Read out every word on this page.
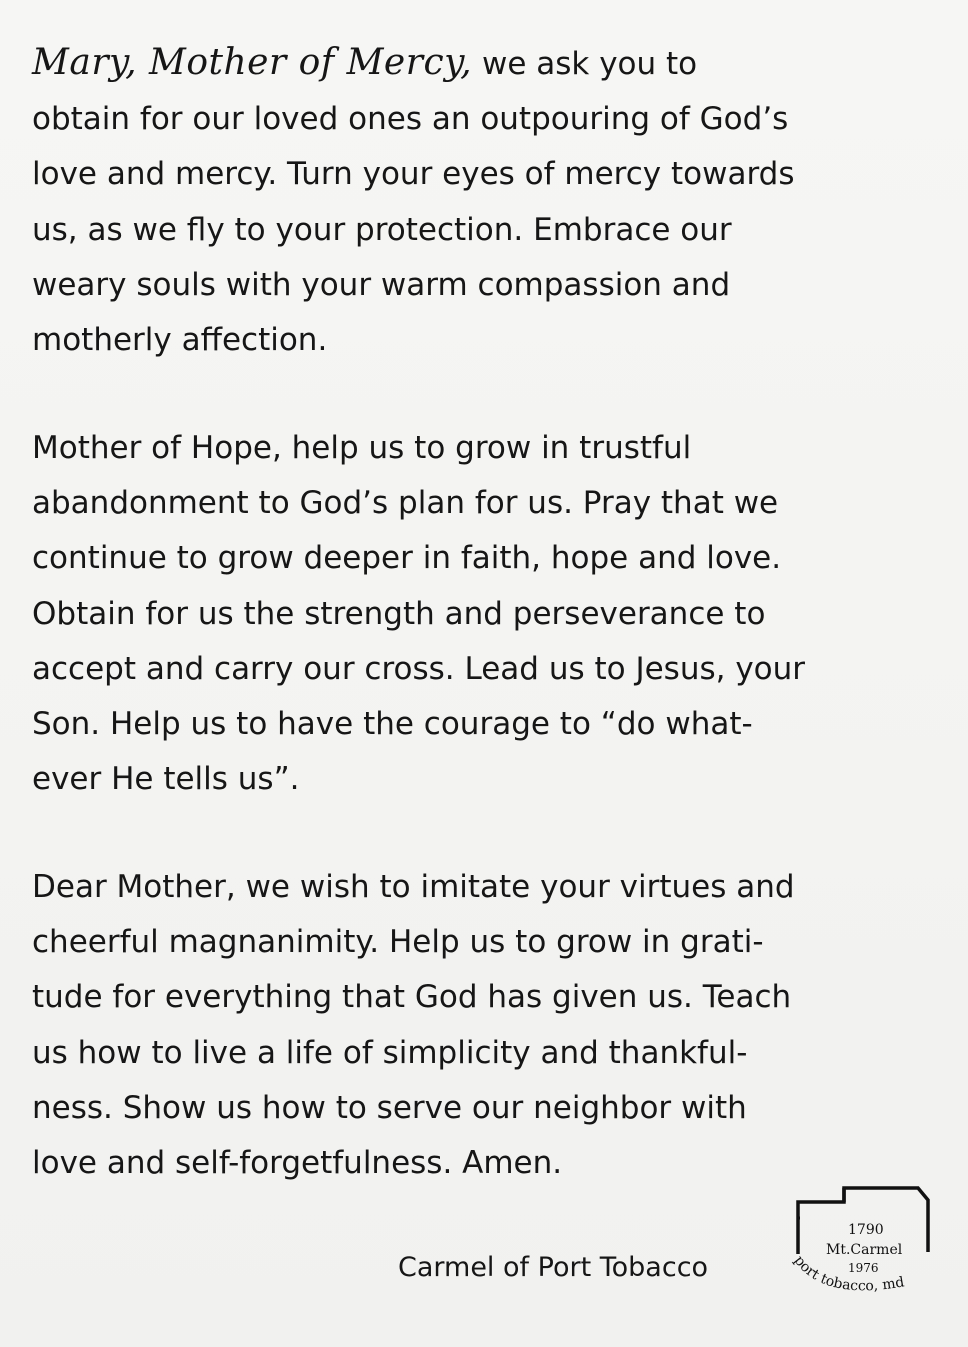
Mary, Mother of Mercy, we ask you to
obtain for our loved ones an outpouring of God’s
love and mercy. Turn your eyes of mercy towards
us, as we fly to your protection. Embrace our
weary souls with your warm compassion and
motherly affection.

Mother of Hope, help us to grow in trustful
abandonment to God’s plan for us. Pray that we
continue to grow deeper in faith, hope and love.
Obtain for us the strength and perseverance to
accept and carry our cross. Lead us to Jesus, your
Son. Help us to have the courage to “do what-
ever He tells us”.

Dear Mother, we wish to imitate your virtues and
cheerful magnanimity. Help us to grow in grati-
tude for everything that God has given us. Teach
us how to live a life of simplicity and thankful-
ness. Show us how to serve our neighbor with
love and self-forgetfulness. Amen.

Carmel of Port Tobacco
1790
Mt.Carmel
1976
port tobacco, md
